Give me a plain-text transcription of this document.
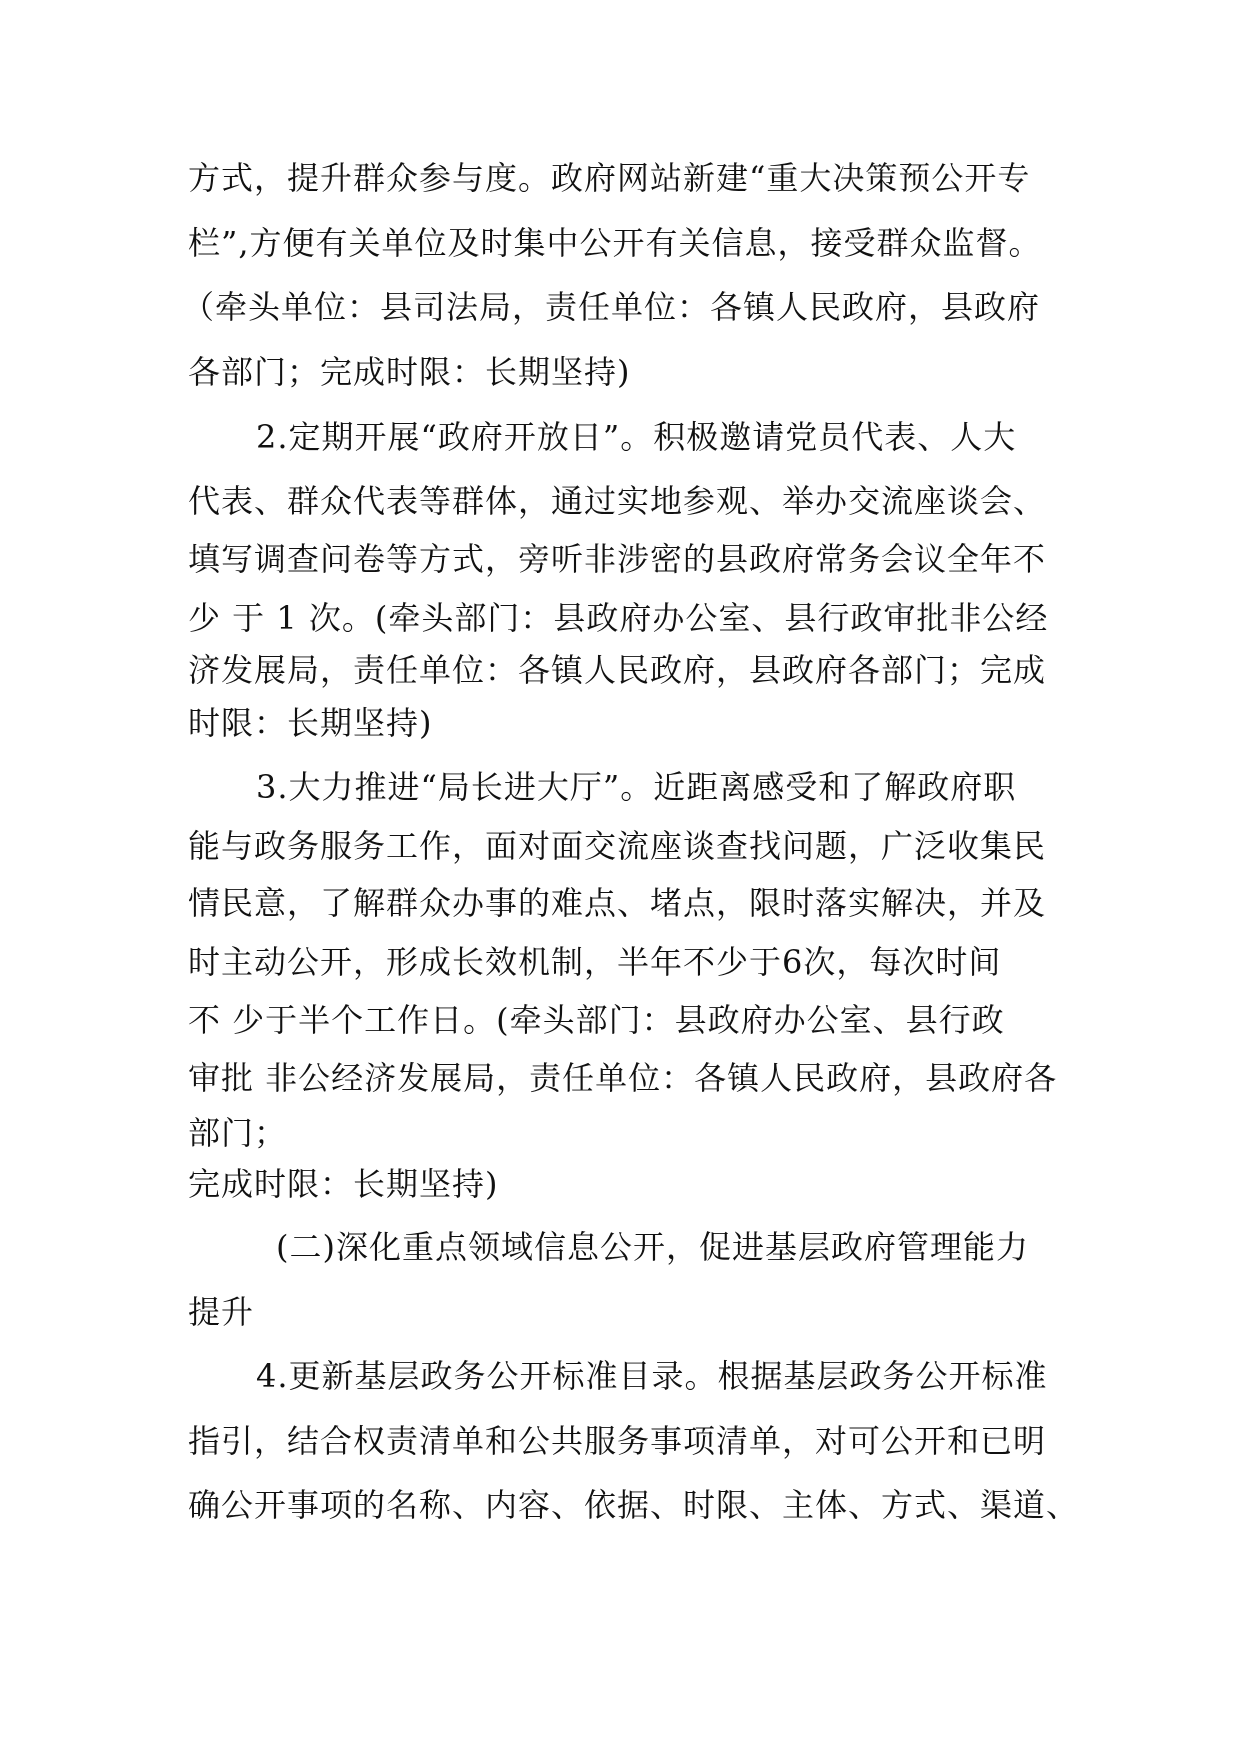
方式，提升群众参与度。政府网站新建“重大决策预公开专
栏”,方便有关单位及时集中公开有关信息，接受群众监督。
（牵头单位：县司法局，责任单位：各镇人民政府，县政府
各部门；完成时限：长期坚持)
2.定期开展“政府开放日”。积极邀请党员代表、人大
代表、群众代表等群体，通过实地参观、举办交流座谈会、
填写调查问卷等方式，旁听非涉密的县政府常务会议全年不
少 于 1 次。(牵头部门：县政府办公室、县行政审批非公经
济发展局，责任单位：各镇人民政府，县政府各部门；完成
时限：长期坚持)
3.大力推进“局长进大厅”。近距离感受和了解政府职
能与政务服务工作，面对面交流座谈查找问题，广泛收集民
情民意，了解群众办事的难点、堵点，限时落实解决，并及
时主动公开，形成长效机制，半年不少于6次，每次时间
不 少于半个工作日。(牵头部门：县政府办公室、县行政
审批 非公经济发展局，责任单位：各镇人民政府，县政府各
部门；
完成时限：长期坚持)
(二)深化重点领域信息公开，促进基层政府管理能力
提升
4.更新基层政务公开标准目录。根据基层政务公开标准
指引，结合权责清单和公共服务事项清单，对可公开和已明
确公开事项的名称、内容、依据、时限、主体、方式、渠道、
